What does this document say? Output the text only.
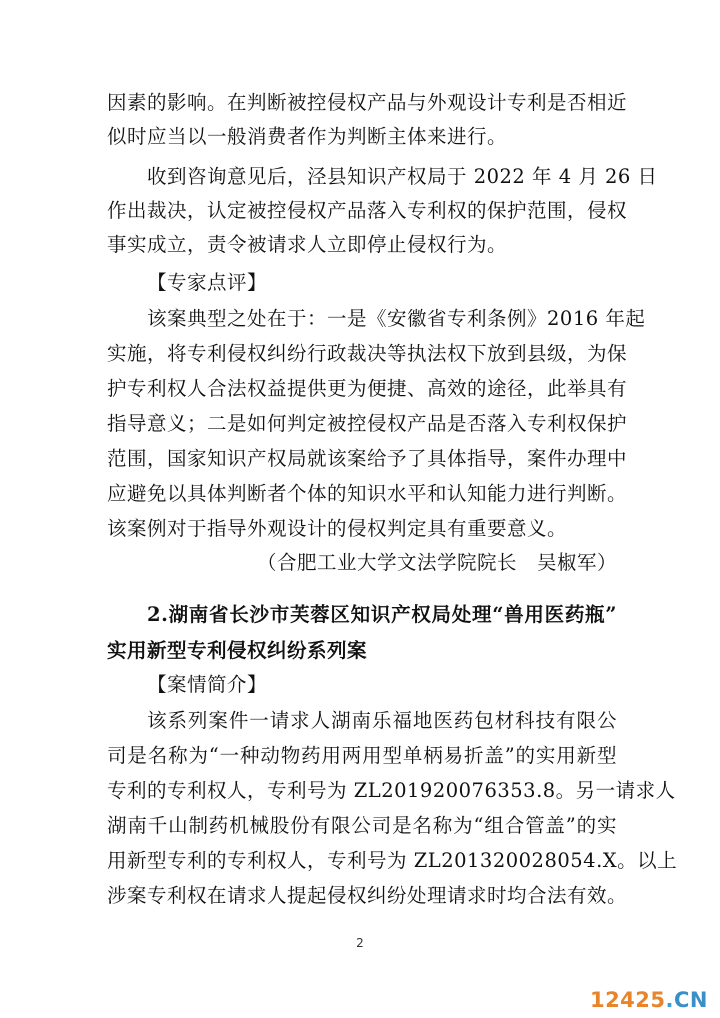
因素的影响。在判断被控侵权产品与外观设计专利是否相近
似时应当以一般消费者作为判断主体来进行。
收到咨询意见后，泾县知识产权局于 2022 年 4 月 26 日
作出裁决，认定被控侵权产品落入专利权的保护范围，侵权
事实成立，责令被请求人立即停止侵权行为。
【专家点评】
该案典型之处在于：一是《安徽省专利条例》2016 年起
实施，将专利侵权纠纷行政裁决等执法权下放到县级，为保
护专利权人合法权益提供更为便捷、高效的途径，此举具有
指导意义；二是如何判定被控侵权产品是否落入专利权保护
范围，国家知识产权局就该案给予了具体指导，案件办理中
应避免以具体判断者个体的知识水平和认知能力进行判断。
该案例对于指导外观设计的侵权判定具有重要意义。
（合肥工业大学文法学院院长　吴椒军）
2.湖南省长沙市芙蓉区知识产权局处理“兽用医药瓶”
实用新型专利侵权纠纷系列案
【案情简介】
该系列案件一请求人湖南乐福地医药包材科技有限公
司是名称为“一种动物药用两用型单柄易折盖”的实用新型
专利的专利权人，专利号为 ZL201920076353.8。另一请求人
湖南千山制药机械股份有限公司是名称为“组合管盖”的实
用新型专利的专利权人，专利号为 ZL201320028054.X。以上
涉案专利权在请求人提起侵权纠纷处理请求时均合法有效。
2
12425.CN
